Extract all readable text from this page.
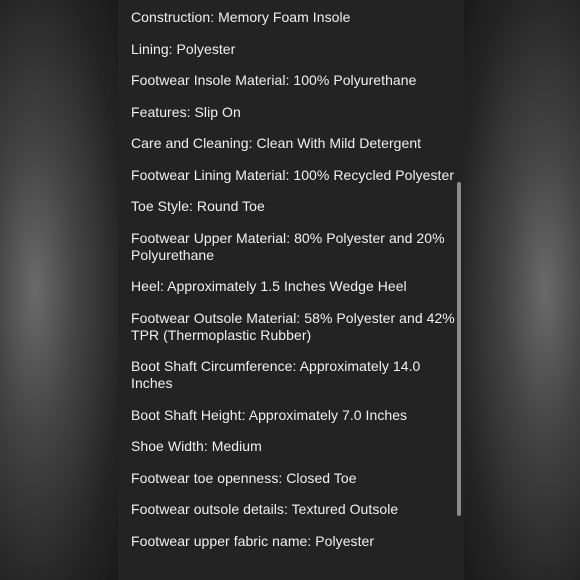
Construction: Memory Foam Insole
Lining: Polyester
Footwear Insole Material: 100% Polyurethane
Features: Slip On
Care and Cleaning: Clean With Mild Detergent
Footwear Lining Material: 100% Recycled Polyester
Toe Style: Round Toe
Footwear Upper Material: 80% Polyester and 20% Polyurethane
Heel: Approximately 1.5 Inches Wedge Heel
Footwear Outsole Material: 58% Polyester and 42% TPR (Thermoplastic Rubber)
Boot Shaft Circumference: Approximately 14.0 Inches
Boot Shaft Height: Approximately 7.0 Inches
Shoe Width: Medium
Footwear toe openness: Closed Toe
Footwear outsole details: Textured Outsole
Footwear upper fabric name: Polyester
